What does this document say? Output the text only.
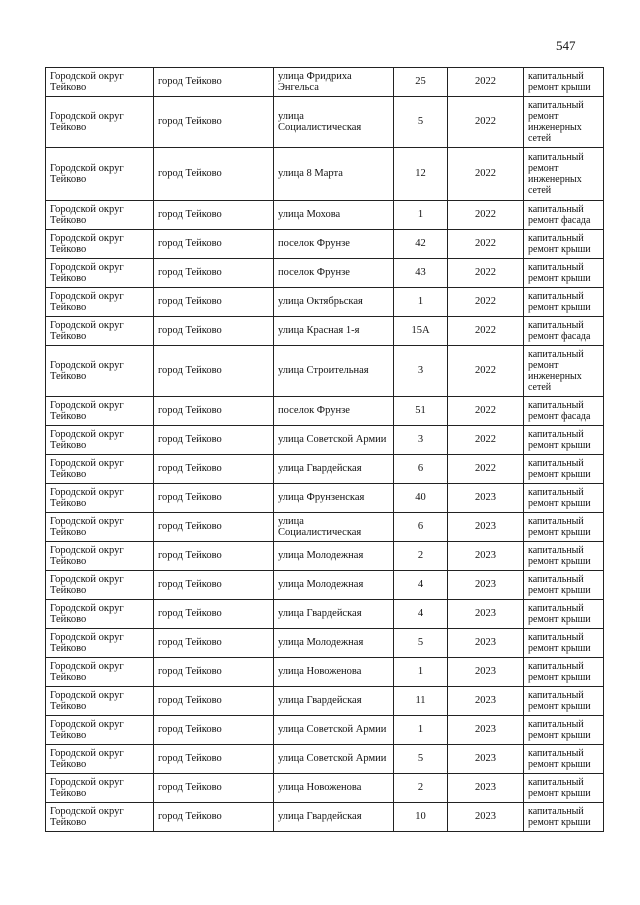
547
Городской округ Тейково	город Тейково	улица Фридриха Энгельса	25	2022	капитальный ремонт крыши
Городской округ Тейково	город Тейково	улица Социалистическая	5	2022	капитальный ремонт инженерных сетей
Городской округ Тейково	город Тейково	улица 8 Марта	12	2022	капитальный ремонт инженерных сетей
Городской округ Тейково	город Тейково	улица Мохова	1	2022	капитальный ремонт фасада
Городской округ Тейково	город Тейково	поселок Фрунзе	42	2022	капитальный ремонт крыши
Городской округ Тейково	город Тейково	поселок Фрунзе	43	2022	капитальный ремонт крыши
Городской округ Тейково	город Тейково	улица Октябрьская	1	2022	капитальный ремонт крыши
Городской округ Тейково	город Тейково	улица Красная 1-я	15А	2022	капитальный ремонт фасада
Городской округ Тейково	город Тейково	улица Строительная	3	2022	капитальный ремонт инженерных сетей
Городской округ Тейково	город Тейково	поселок Фрунзе	51	2022	капитальный ремонт фасада
Городской округ Тейково	город Тейково	улица Советской Армии	3	2022	капитальный ремонт крыши
Городской округ Тейково	город Тейково	улица Гвардейская	6	2022	капитальный ремонт крыши
Городской округ Тейково	город Тейково	улица Фрунзенская	40	2023	капитальный ремонт крыши
Городской округ Тейково	город Тейково	улица Социалистическая	6	2023	капитальный ремонт крыши
Городской округ Тейково	город Тейково	улица Молодежная	2	2023	капитальный ремонт крыши
Городской округ Тейково	город Тейково	улица Молодежная	4	2023	капитальный ремонт крыши
Городской округ Тейково	город Тейково	улица Гвардейская	4	2023	капитальный ремонт крыши
Городской округ Тейково	город Тейково	улица Молодежная	5	2023	капитальный ремонт крыши
Городской округ Тейково	город Тейково	улица Новоженова	1	2023	капитальный ремонт крыши
Городской округ Тейково	город Тейково	улица Гвардейская	11	2023	капитальный ремонт крыши
Городской округ Тейково	город Тейково	улица Советской Армии	1	2023	капитальный ремонт крыши
Городской округ Тейково	город Тейково	улица Советской Армии	5	2023	капитальный ремонт крыши
Городской округ Тейково	город Тейково	улица Новоженова	2	2023	капитальный ремонт крыши
Городской округ Тейково	город Тейково	улица Гвардейская	10	2023	капитальный ремонт крыши
